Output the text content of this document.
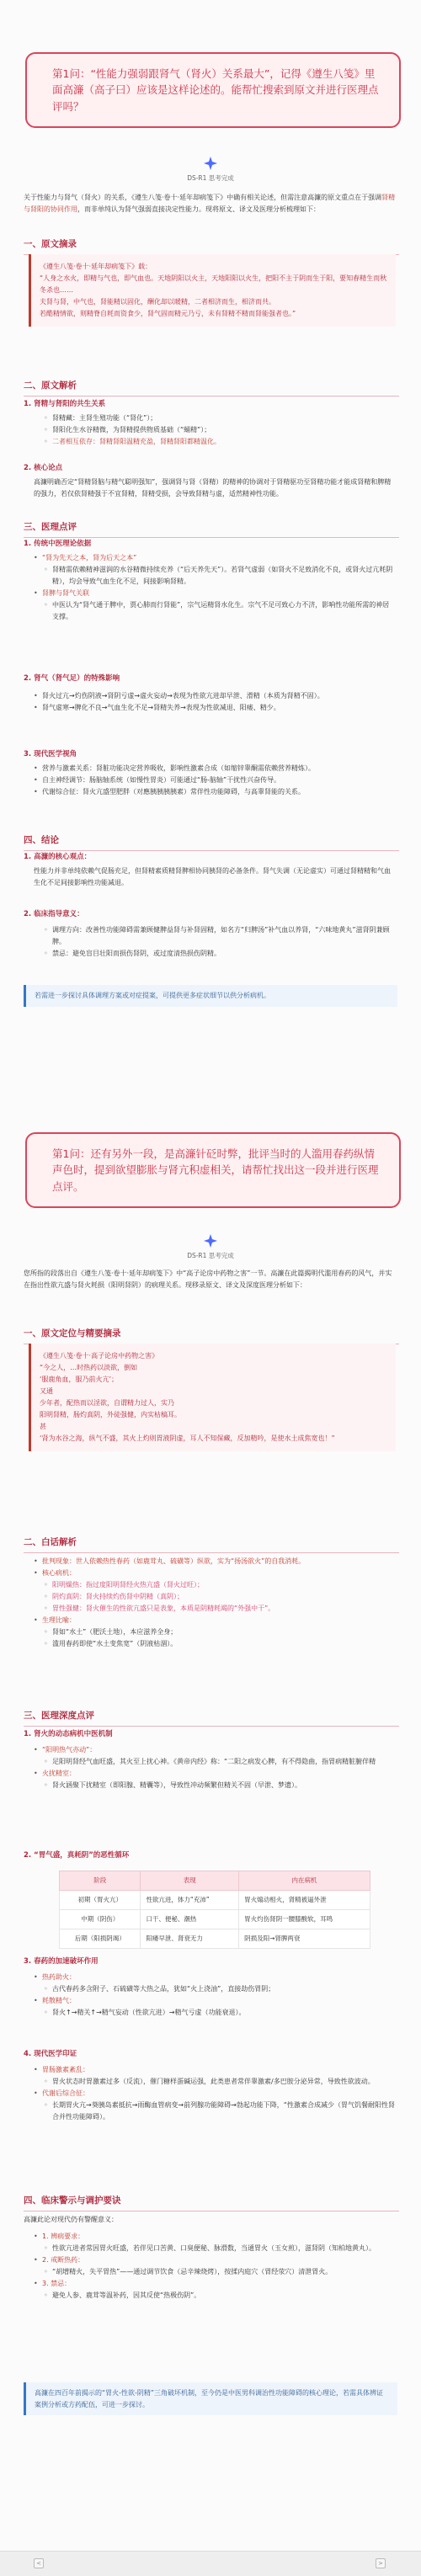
第1问：“性能力强弱跟肾气（肾火）关系最大”，记得《遵生八笺》里面高濂（高子曰）应该是这样论述的。能帮忙搜索到原文并进行医理点评吗？
DS-R1 思考完成
关于性能力与肾气（肾火）的关系，《遵生八笺·卷十·延年却病笺下》中确有相关论述，但需注意高濂的原文重点在于强调肾精与肾阳的协同作用，而非单纯认为肾气强弱直接决定性能力。现将原文、译文及医理分析梳理如下：
一、原文摘录
《遵生八笺·卷十·延年却病笺下》载：
“人身之水火，即精与气也，即气血也。天地阴阳以火主，天地阳阳以火生，把阳不主于阴而生于阳，要知春精生而秋冬杀也……
夫肾与肾，中气也，肾能精以固化，酬化却以暖精，二者相济而生，相济而共。
若酷精情欲，则精脊自耗而资食少，肾气固而精元乃亏，未有肾精不精而肾能强者也。”
二、原文解析
1. 肾精与肾阳的共生关系
◦ 肾精藏：主肾生殖功能（“肾化”）；
◦ 肾阳化生水谷精微，为肾精提供物质基础（“蛹精”）；
◦ 二者相互依存：肾精肾阳温精充盈，肾精肾阳都精温化。
2. 核心论点
高濂明确否定“肾精肾脑与精气聪明强知”，强调肾与肾（肾精）的精神的协调对于肾精驱功至肾精功能才能成肾精和脾精的强力，若仅依肾精强于不宜肾精，肾精受损，会导致肾精与虚，适然精神性功能。
三、医理点评
1. 传统中医理论依据
• “肾为先天之本，肾为后天之本”
◦ 肾精需依赖精神滋润的水谷精微持续充养（“后天养先天”）。若肾气虚弱（如肾火不足致消化不良，或肾火过亢耗阴精），均会导致气血生化不足，间接影响肾精。
• 肾脾与肾气关联
◦ 中医认为“肾气通于脾中，贾心肺而行肾能”，宗气运精肾水化生。宗气不足可致心力不济，影响性功能所需的神居支撑。
2. 肾气（肾气足）的特殊影响
• 肾火过亢→灼伤阴液→肾阴亏虚→虚火妄动→表现为性欲亢进却早泄、滑精（本质为肾精不固）。
• 肾气虚寒→脾化不良→气血生化不足→肾精失养→表现为性欲减退、阳痿、精少。
3. 现代医学视角
• 营养与激素关系：肾脏功能决定营养吸收，影响性激素合成（如缩锌睾酮需依赖营养精炼）。
• 自主神经调节：肠脑轴系统（如慢性胃炎）可能通过“肠-脑轴”干扰性兴奋传导。
• 代谢综合征：肾火亢盛型肥胖（对應胰胰胰胰素）常伴性功能障碍，与高睾肾能的关系。
四、结论
1. 高濂的核心观点：
性能力并非单纯依赖气促肠充足，但肾精素质精肾脾相协同胰肾的必备条件。肾气失调（无论虚实）可通过肾精精和气血生化不足间接影响性功能减退。
2. 临床指导意义：
◦ 调理方向：改善性功能障碍需兼顾健脾益肾与补肾固精，如名方“归脾汤”补气血以养肾，“六味地黄丸”滋肾阴兼顾脾。
◦ 禁忌：避免盲目壮阳而损伤肾阴，或过度清热损伤阴精。
若需进一步探讨具体调理方案或对症提案，可提供更多症状细节以供分析病机。
第1问：还有另外一段，是高濂针砭时弊，批评当时的人滥用春药纵情声色时，提到欲望膨胀与肾亢积虚相关，请帮忙找出这一段并进行医理点评。
DS-R1 思考完成
您所指的段落出自《遵生八笺·卷十·延年却病笺下》中“高子论房中药物之害”一节。高濂在此篇揭明代滥用春药的风气，并实在指出性欲亢盛与肾火耗损（阳明肾阴）的病理关系。现移录原文、译文及深度医理分析如下：
一、原文定位与精要摘录
《遵生八笺·卷十·高子论房中药物之害》
“今之人，…时热药以淡欲，倒如
‘服鹿角血，服乃前火亢’；
又通
少年者，配热而以淫欲，自谓精力过人，实乃
阳明肾精，肠灼真阴，外徒强健，内实枯槁耳。
甚
‘肾为水谷之海，纵气不盛，其火上灼则胃液阴虚，耳人不知保藏，反加精吟，是使水土成焦宽也！”
二、白话解析
• 批判现象：世人依赖热性春药（如鹿茸丸、硫磺等）纵欲，实为“扬汤欲火”的自我消耗。
• 核心病机：
◦ 阳明燥热：指过度阳明肾经火热亢盛（肾火过旺）；
◦ 阴灼真阴：肾火持续灼伤肾中阴精（真阴）；
◦ 胃性强健：肾火催生的性欲亢盛只是表象，本质是阴精耗竭的“外强中干”。
• 生理比喻：
◦ 肾如“水土”（肥沃土地），本应滋养全身；
◦ 滥用春药即使“水土变焦宽”（阴液枯涸）。
三、医理深度点评
1. 肾火的动态病机中医机制
• “阳明热气亦动”：
◦ 足阳明肾经气血旺盛，其火至上扰心神。《黄帝内经》称：“二阳之病发心脾，有不得隐曲，指胃病精脏腑伴精
• 火扰精室：
◦ 肾火涵聚下扰精室（即阳腺、精囊等），导致性冲动频繁但精关不固（早泄、梦遗）。
2. “胃气盛，真耗阴”的恶性循环
阶段	表现	内在病机
初期（胃火亢）	性欲亢进，体力“充沛”	胃火煽动相火，肾精被逼外泄
中期（阴伤）	口干、便秘、潮热	胃火灼伤肾阴一腰膝酸软，耳鸣
后期（阳损阴竭）	阳痿早泄、肾衰无力	阴损及阳→肾脾两衰
3. 春药的加速破坏作用
• 热药助火：
◦ 古代春药多含附子、石硫磺等大热之品，犹如“火上浇油”，直接劫伤胃阴；
• 耗散精气：
◦ 肾火↑→精关↑→精气妄动（性欲亢进）→精气亏虚（功能衰退）。
4. 现代医学印证
• 胃肠激素紊乱：
◦ 胃火状态时胃激素过多（反流），催门糖样蛋碱运强，此类患者常伴睾激素/多巴胺分泌异常，导致性欲波动。
• 代谢后综合征：
◦ 长期胃火亢→葵胰岛素抵抗→雨酶血管病变→前列腺功能障碍→勃起功能下降，“性激素合成减少（胃气饥餐耐阳性肾合并性功能障碍）。
四、临床警示与调护要诀
高濂此论对现代仍有警醒意义：
• 1. 辨病要求：
◦ 性欲亢进者常因胃火旺盛，若伴见口苦黄、口臭便秘、脉滑数，当通胃火（玉女煎），滋肾阴（知柏地黄丸）。
• 2. 戒断热药：
◦ “胡增精火，失平胃热”——通过调节饮食（忌辛辣烧烤），按揉内庭穴（胃经荥穴）清泄胃火。
• 3. 禁忌：
◦ 避免人参、鹿茸等温补药，因其反使“热极伤阴”。
高濂在四百年前揭示的“胃火-性欲-阴精”三角破坏机制，至今仍是中医男科调治性功能障碍的核心理论，若需具体辨证案例分析或方药配伍，可进一步探讨。
<	>
